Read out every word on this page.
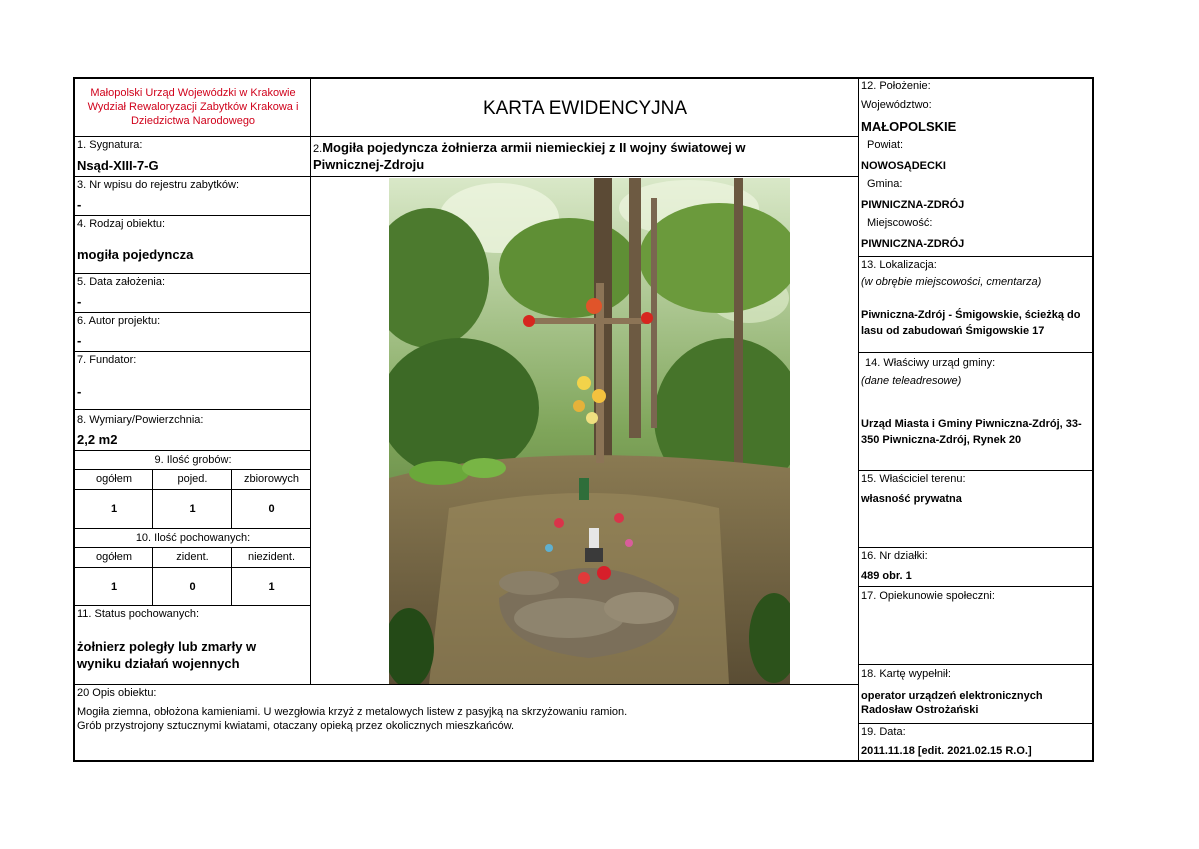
Małopolski Urząd Wojewódzki w Krakowie
Wydział Rewaloryzacji Zabytków Krakowa i
Dziedzictwa Narodowego
1. Sygnatura:
Nsąd-XIII-7-G
3. Nr wpisu do rejestru zabytków:
-
4. Rodzaj obiektu:
mogiła pojedyncza
5. Data założenia:
-
6. Autor projektu:
-
7. Fundator:
-
8. Wymiary/Powierzchnia:
2,2 m2
9. Ilość grobów:
ogółem	pojed.	zbiorowych
1	1	0
10. Ilość pochowanych:
ogółem	zident.	niezident.
1	0	1
11. Status pochowanych:
żołnierz poległy lub zmarły w
wyniku działań wojennych
KARTA EWIDENCYJNA
2.Mogiła pojedyncza żołnierza armii niemieckiej z II wojny światowej w
Piwnicznej-Zdroju
12. Położenie:
Województwo:
MAŁOPOLSKIE
Powiat:
NOWOSĄDECKI
Gmina:
PIWNICZNA-ZDRÓJ
Miejscowość:
PIWNICZNA-ZDRÓJ
13. Lokalizacja:
(w obrębie miejscowości, cmentarza)
Piwniczna-Zdrój - Śmigowskie, ścieżką do
lasu od zabudowań Śmigowskie 17
14. Właściwy urząd gminy:
(dane teleadresowe)
Urząd Miasta i Gminy Piwniczna-Zdrój, 33-
350 Piwniczna-Zdrój, Rynek 20
15. Właściciel terenu:
własność prywatna
16. Nr działki:
489 obr. 1
17. Opiekunowie społeczni:
18. Kartę wypełnił:
operator urządzeń elektronicznych
Radosław Ostrożański
19. Data:
2011.11.18 [edit. 2021.02.15 R.O.]
20 Opis obiektu:
Mogiła ziemna, obłożona kamieniami. U wezgłowia krzyż z metalowych listew z pasyjką na skrzyżowaniu ramion.
Grób przystrojony sztucznymi kwiatami, otaczany opieką przez okolicznych mieszkańców.
